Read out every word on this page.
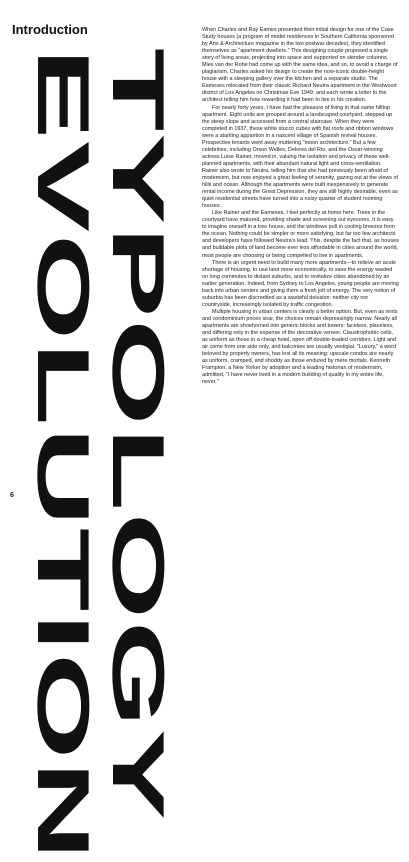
Introduction
EVOLUTION
TYPOLOGY

When Charles and Ray Eames presented their initial design for one of the Case Study houses (a program of model residences in Southern California sponsored by Arts & Architecture magazine in the two postwar decades), they identified themselves as "apartment dwellers." This designing couple proposed a single story of living areas, projecting into space and supported on slender columns. Mies van der Rohe had come up with the same idea, and so, to avoid a charge of plagiarism, Charles asked his design to create the now-iconic double-height house with a sleeping gallery over the kitchen and a separate studio. The Eameses relocated from their classic Richard Neutra apartment in the Westwood district of Los Angeles on Christmas Eve 1949, and each wrote a letter to the architect telling him how rewarding it had been to live in his creation.

For nearly forty years, I have had the pleasure of living in that same hilltop apartment. Eight units are grouped around a landscaped courtyard, stepped up the steep slope and accessed from a central staircase. When they were completed in 1937, these white stucco cubes with flat roofs and ribbon windows were a startling apparition in a nascent village of Spanish revival houses. Prospective tenants went away muttering "moon architecture." But a few celebrities, including Orson Welles, Delores del Rio, and the Oscar-winning actress Luise Rainer, moved in, valuing the isolation and privacy of these well-planned apartments, with their abundant natural light and cross-ventilation. Rainer also wrote to Neutra, telling him that she had previously been afraid of modernism, but now enjoyed a great feeling of serenity, gazing out at the views of hills and ocean. Although the apartments were built inexpensively to generate rental income during the Great Depression, they are still highly desirable, even as quiet residential streets have turned into a noisy quarter of student rooming houses.

Like Rainer and the Eameses, I feel perfectly at home here. Trees in the courtyard have matured, providing shade and screening out eyesores. It is easy to imagine oneself in a tree house, and the windows pull in cooling breezes from the ocean. Nothing could be simpler or more satisfying, but far too few architects and developers have followed Neutra's lead. This, despite the fact that, as houses and buildable plots of land become ever less affordable in cities around the world, most people are choosing or being compelled to live in apartments.

There is an urgent need to build many more apartments—to relieve an acute shortage of housing, to use land more economically, to save the energy wasted on long commutes to distant suburbs, and to revitalize cities abandoned by an earlier generation. Indeed, from Sydney to Los Angeles, young people are moving back into urban centers and giving them a fresh jolt of energy. The very notion of suburbia has been discredited as a wasteful delusion: neither city nor countryside, increasingly isolated by traffic congestion.

Multiple housing in urban centers is clearly a better option. But, even as rents and condominium prices soar, the choices remain depressingly narrow. Nearly all apartments are shoehorned into generic blocks and towers: faceless, placeless, and differing only in the expense of the decorative veneer. Claustrophobic cells, as uniform as those in a cheap hotel, open off double-loaded corridors. Light and air come from one side only, and balconies are usually vestigial. "Luxury," a word beloved by property owners, has lost all its meaning: upscale condos are nearly as uniform, cramped, and shoddy as those endured by mere mortals. Kenneth Frampton, a New Yorker by adoption and a leading historian of modernism, admitted, "I have never lived in a modern building of quality in my entire life, never."

6
